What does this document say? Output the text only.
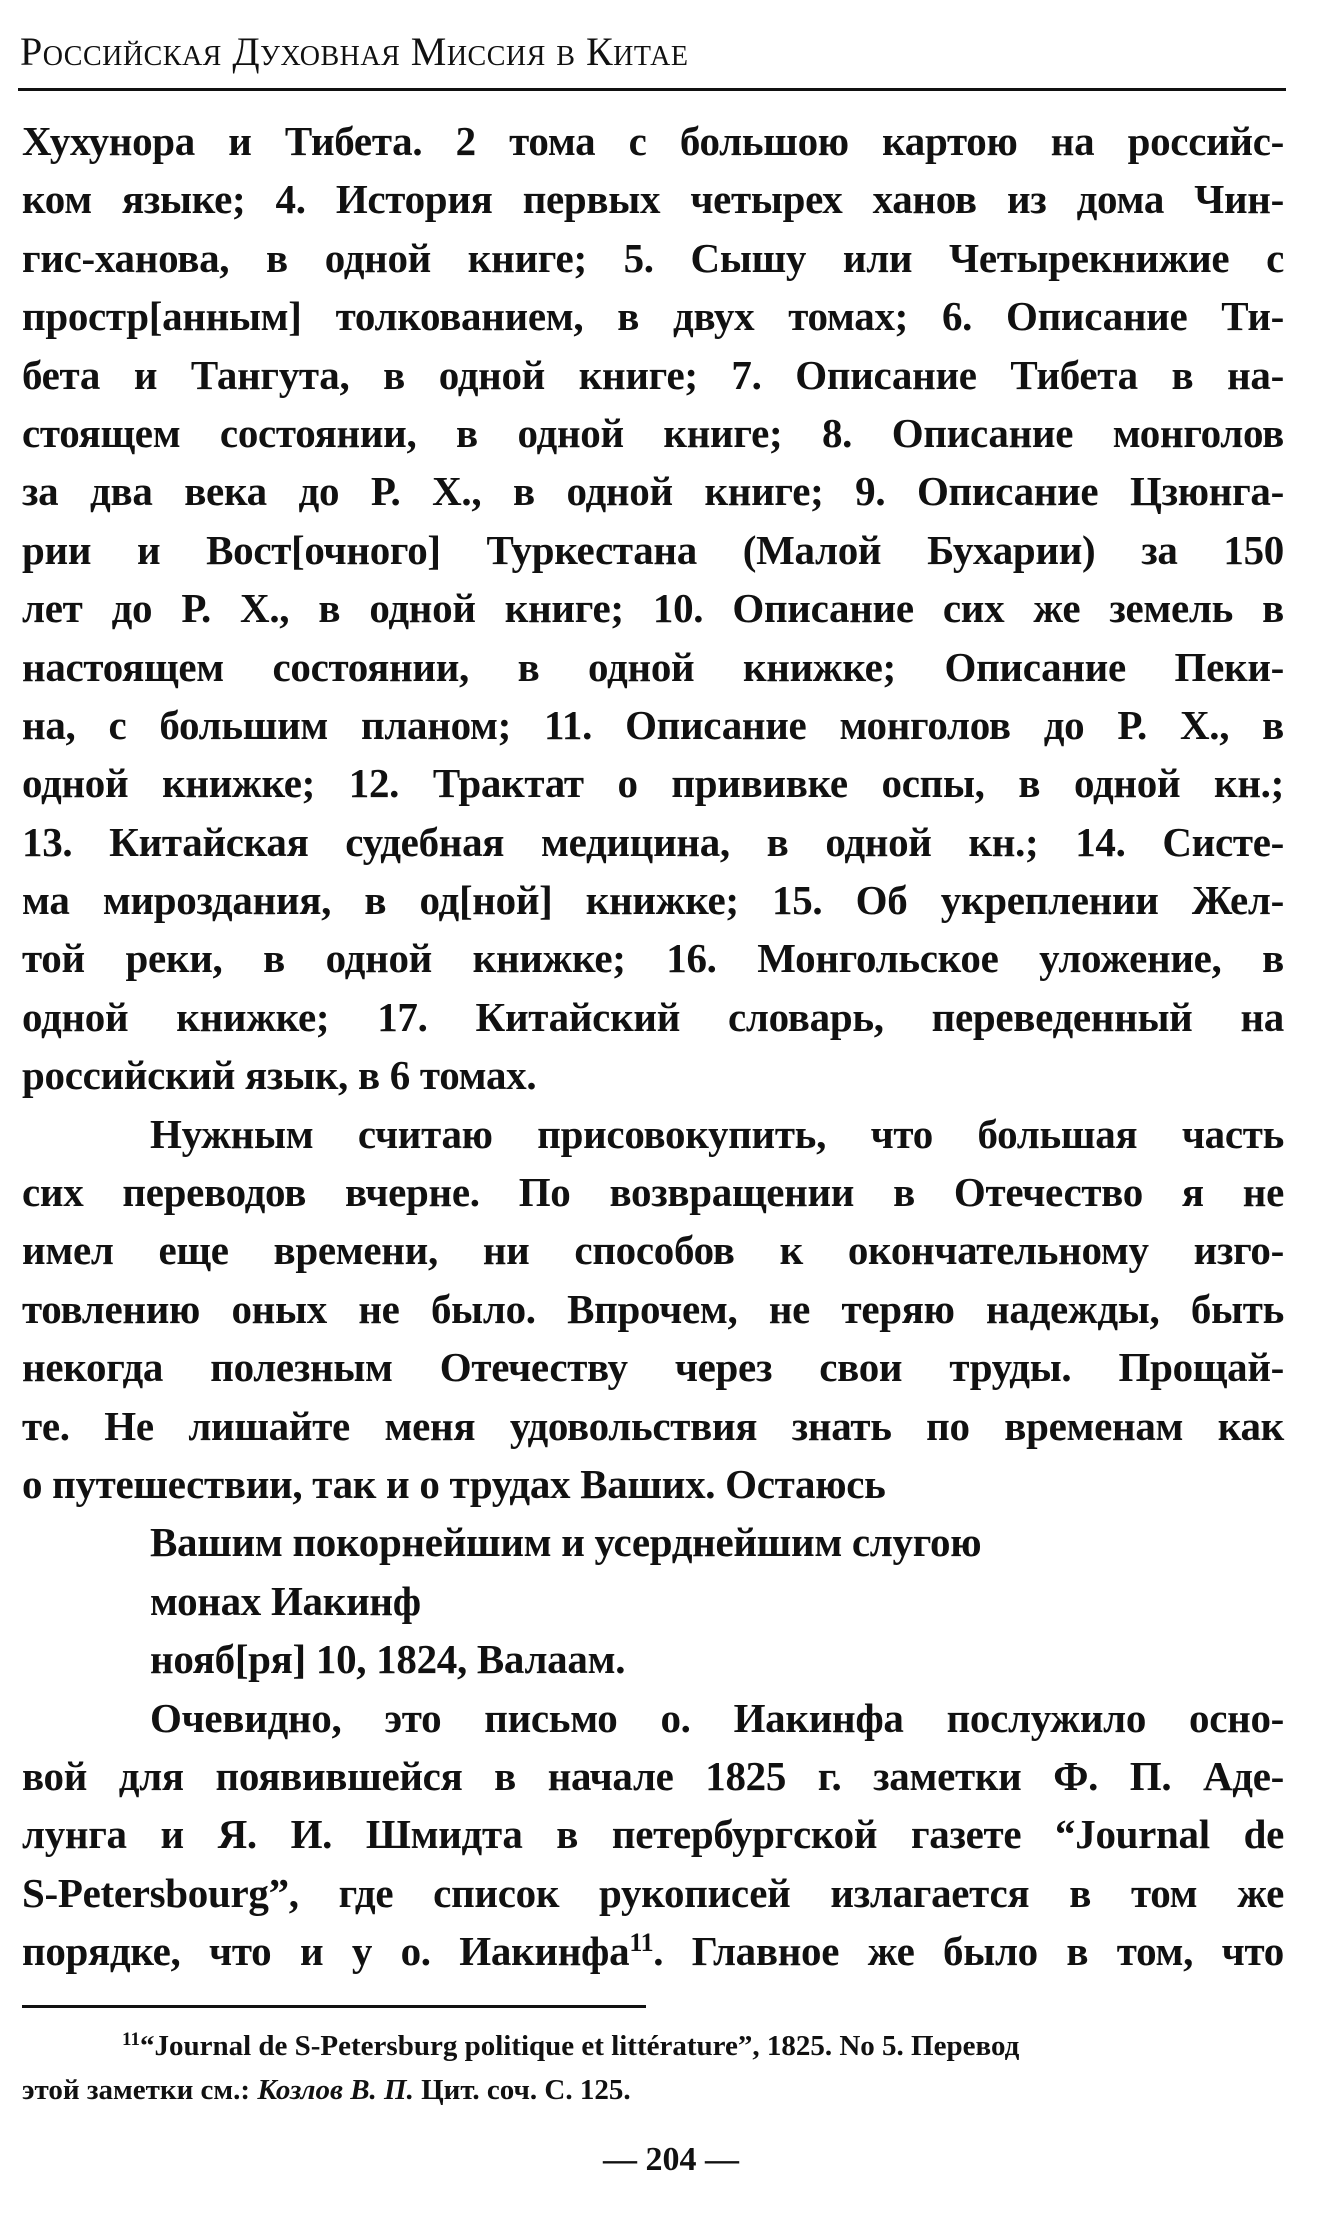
Российская Духовная Миссия в Китае
Хухунора и Тибета. 2 тома с большою картою на российс-
ком языке; 4. История первых четырех ханов из дома Чин-
гис-ханова, в одной книге; 5. Сышу или Четырекнижие с
простр[анным] толкованием, в двух томах; 6. Описание Ти-
бета и Тангута, в одной книге; 7. Описание Тибета в на-
стоящем состоянии, в одной книге; 8. Описание монголов
за два века до Р. Х., в одной книге; 9. Описание Цзюнга-
рии и Вост[очного] Туркестана (Малой Бухарии) за 150
лет до Р. Х., в одной книге; 10. Описание сих же земель в
настоящем состоянии, в одной книжке; Описание Пеки-
на, с большим планом; 11. Описание монголов до Р. Х., в
одной книжке; 12. Трактат о прививке оспы, в одной кн.;
13. Китайская судебная медицина, в одной кн.; 14. Систе-
ма мироздания, в од[ной] книжке; 15. Об укреплении Жел-
той реки, в одной книжке; 16. Монгольское уложение, в
одной книжке; 17. Китайский словарь, переведенный на
российский язык, в 6 томах.
Нужным считаю присовокупить, что большая часть
сих переводов вчерне. По возвращении в Отечество я не
имел еще времени, ни способов к окончательному изго-
товлению оных не было. Впрочем, не теряю надежды, быть
некогда полезным Отечеству через свои труды. Прощай-
те. Не лишайте меня удовольствия знать по временам как
о путешествии, так и о трудах Ваших. Остаюсь
Вашим покорнейшим и усерднейшим слугою
монах Иакинф
нояб[ря] 10, 1824, Валаам.
Очевидно, это письмо о. Иакинфа послужило осно-
вой для появившейся в начале 1825 г. заметки Ф. П. Аде-
лунга и Я. И. Шмидта в петербургской газете “Journal de
S-Petersbourg”, где список рукописей излагается в том же
порядке, что и у о. Иакинфа$^{11}$. Главное же было в том, что
$^{11}$“Journal de S-Petersburg politique et littérature”, 1825. No 5. Перевод
этой заметки см.: Козлов В. П. Цит. соч. С. 125.
— 204 —
